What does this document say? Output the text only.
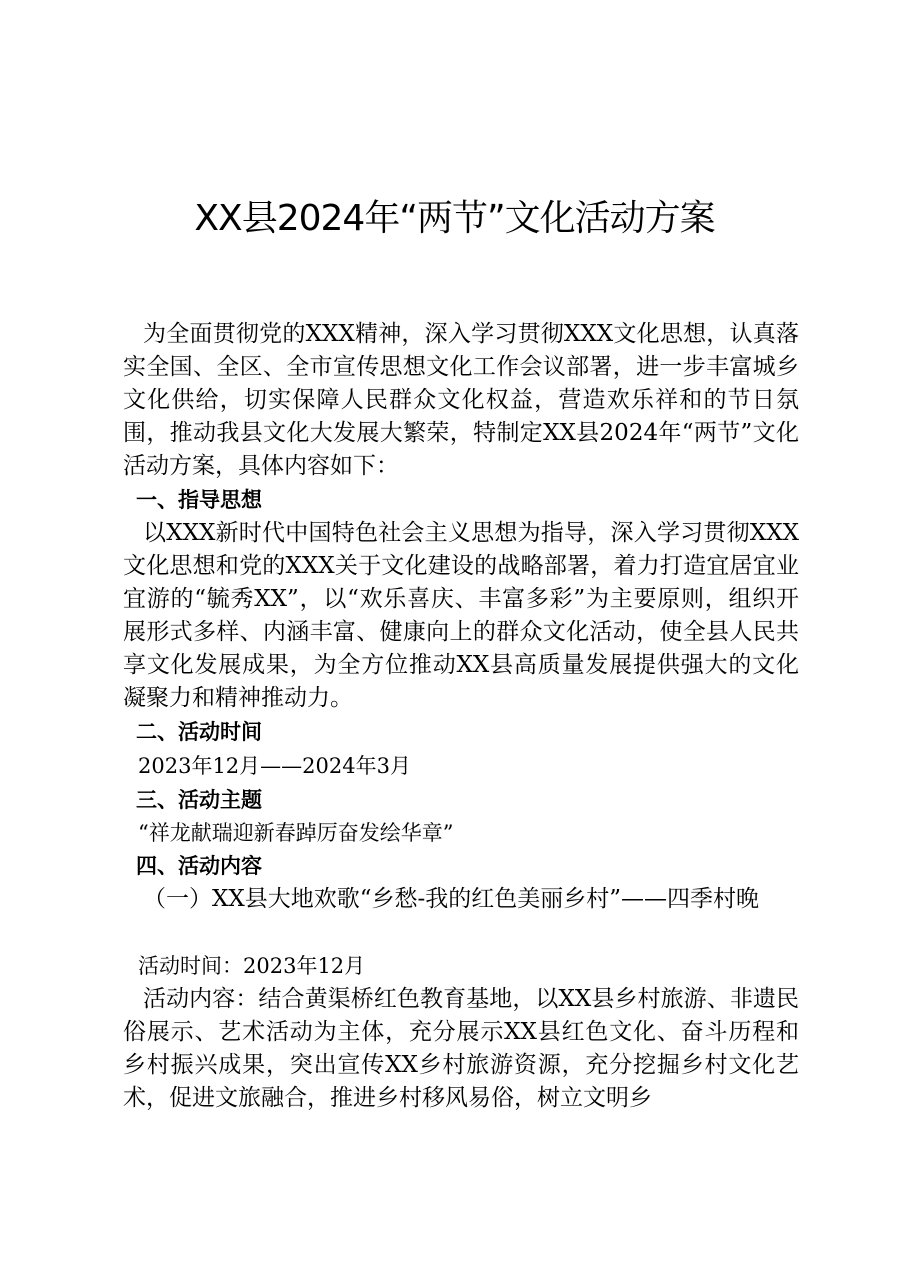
XX县2024年“两节”文化活动方案
为全面贯彻党的XXX精神，深入学习贯彻XXX文化思想，认真落实全国、全区、全市宣传思想文化工作会议部署，进一步丰富城乡文化供给，切实保障人民群众文化权益，营造欢乐祥和的节日氛围，推动我县文化大发展大繁荣，特制定XX县2024年“两节”文化活动方案，具体内容如下：
一、指导思想
以XXX新时代中国特色社会主义思想为指导，深入学习贯彻XXX文化思想和党的XXX关于文化建设的战略部署，着力打造宜居宜业宜游的“毓秀XX”，以“欢乐喜庆、丰富多彩”为主要原则，组织开展形式多样、内涵丰富、健康向上的群众文化活动，使全县人民共享文化发展成果，为全方位推动XX县高质量发展提供强大的文化凝聚力和精神推动力。
二、活动时间
2023年12月——2024年3月
三、活动主题
“祥龙献瑞迎新春踔厉奋发绘华章”
四、活动内容
（一）XX县大地欢歌“乡愁-我的红色美丽乡村”——四季村晚
活动时间：2023年12月
活动内容：结合黄渠桥红色教育基地，以XX县乡村旅游、非遗民俗展示、艺术活动为主体，充分展示XX县红色文化、奋斗历程和乡村振兴成果，突出宣传XX乡村旅游资源，充分挖掘乡村文化艺术，促进文旅融合，推进乡村移风易俗，树立文明乡
